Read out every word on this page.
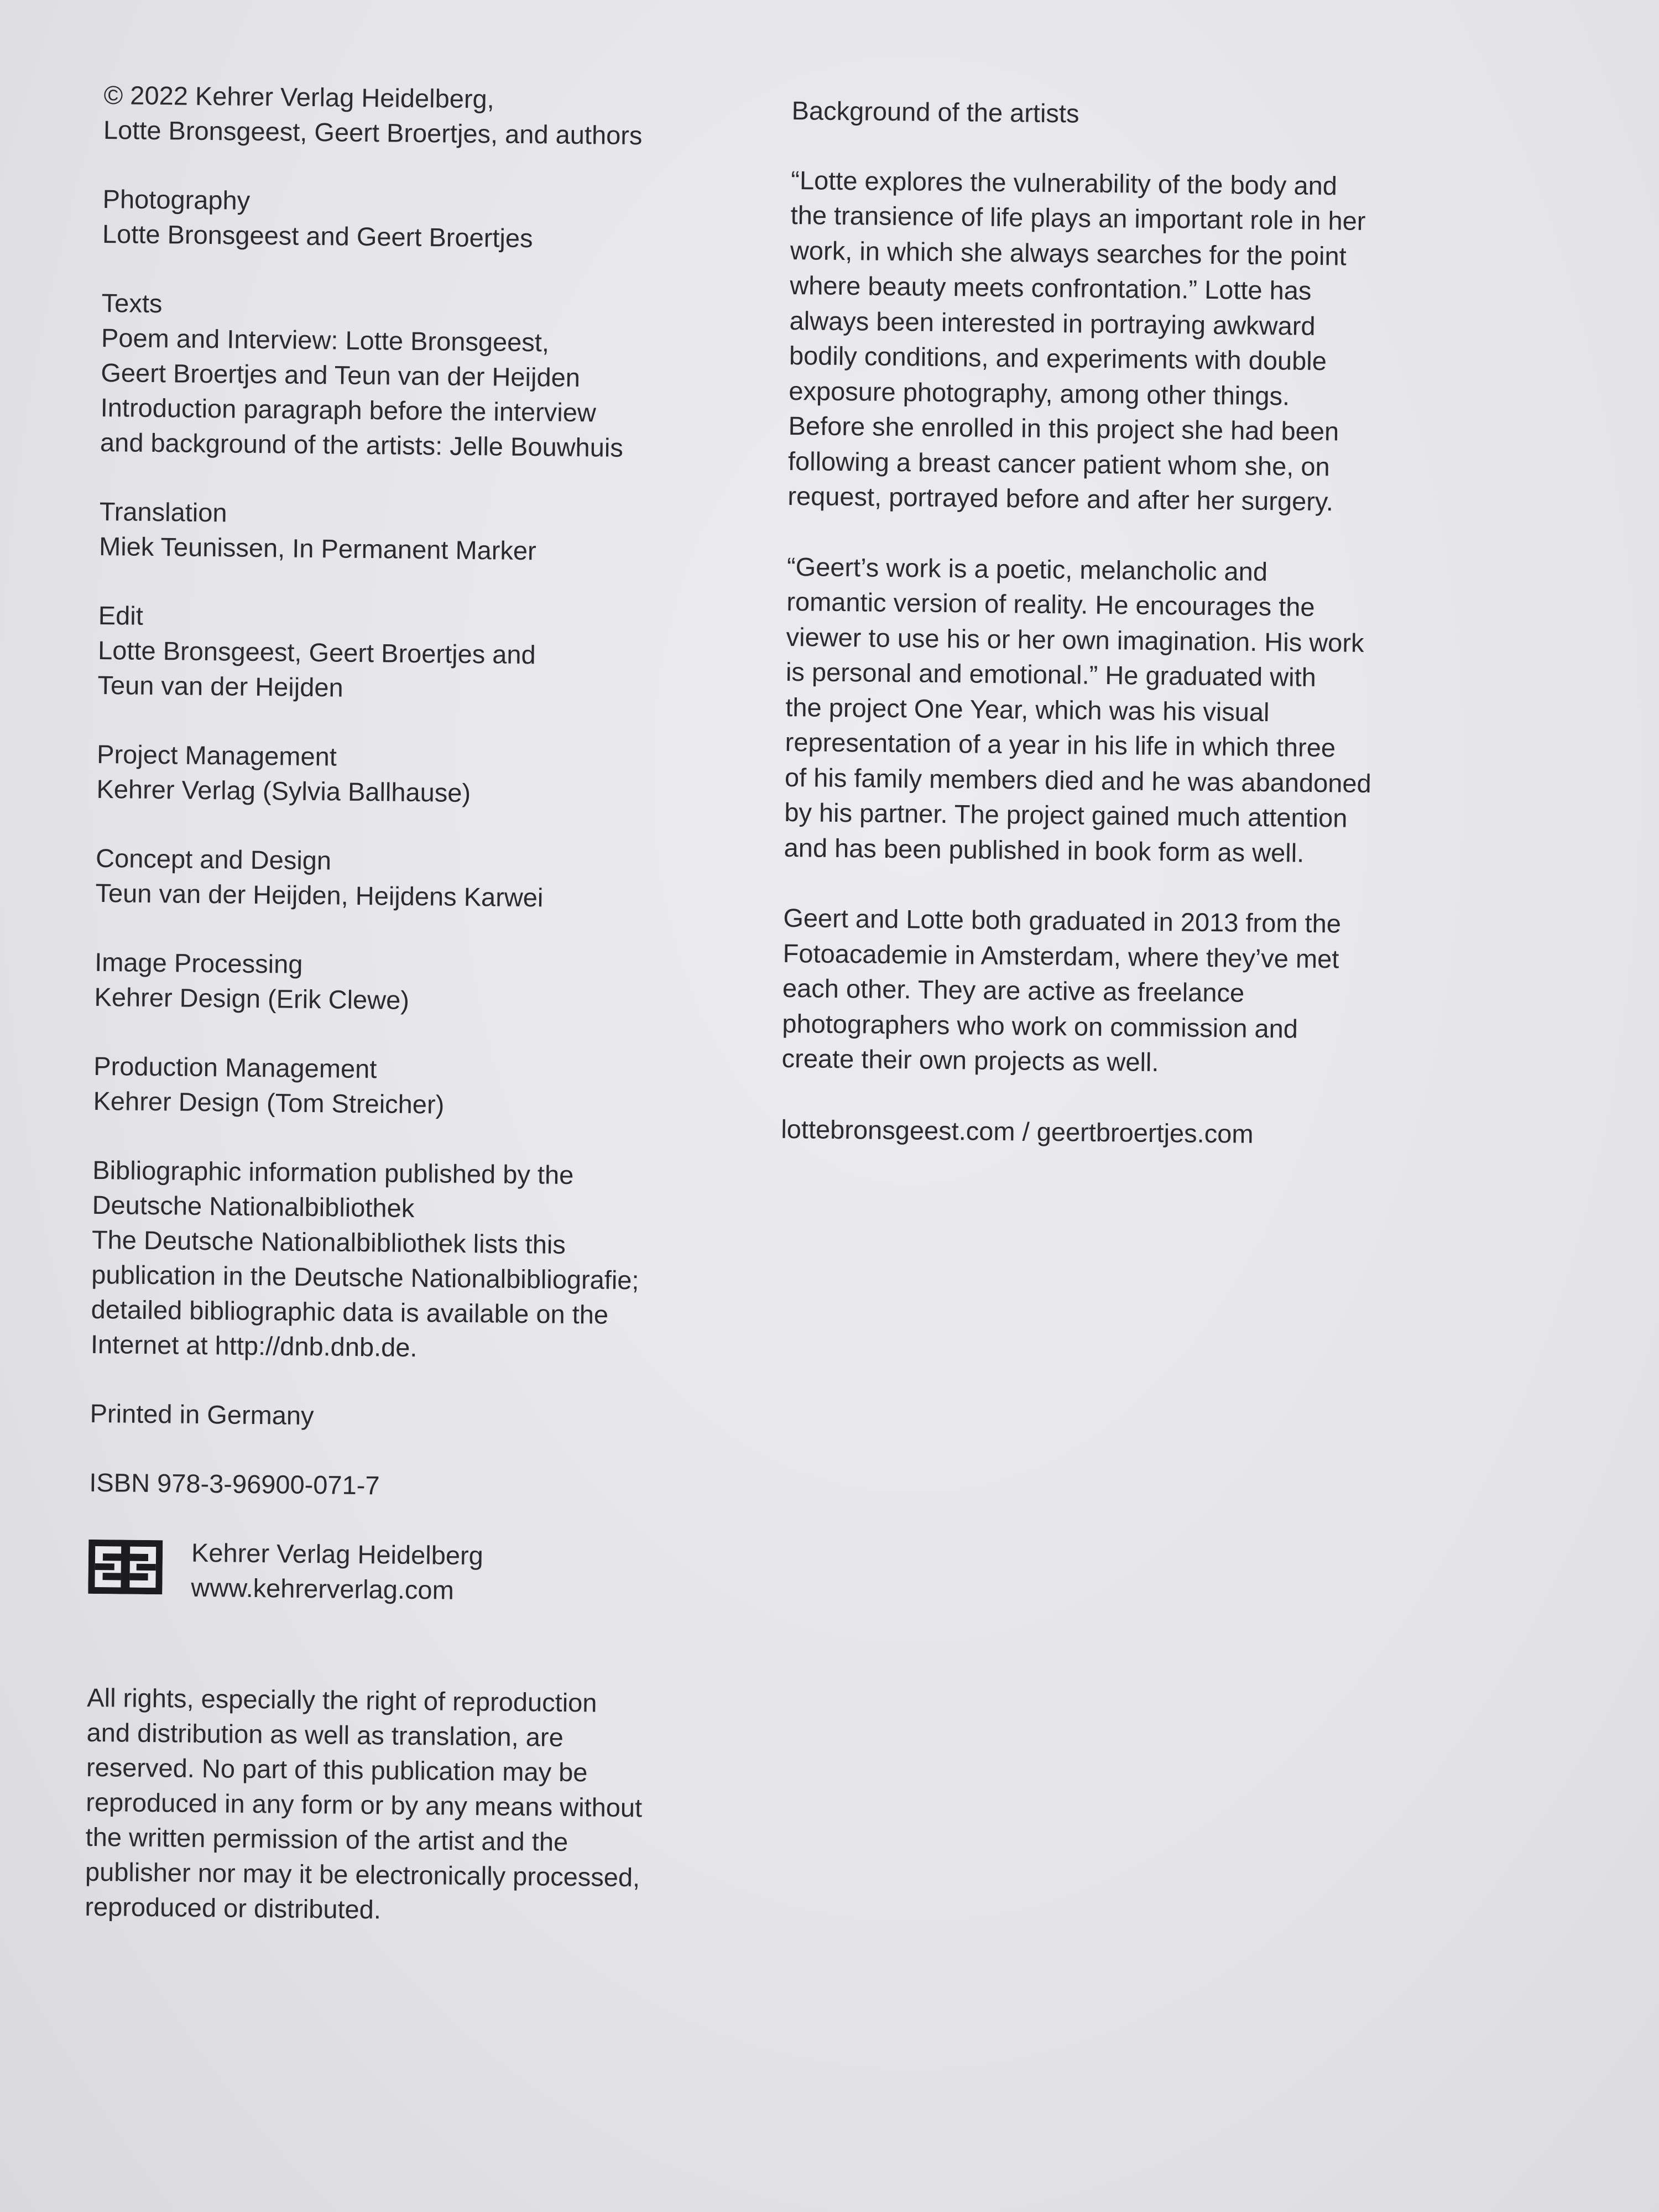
© 2022 Kehrer Verlag Heidelberg,
Lotte Bronsgeest, Geert Broertjes, and authors
Photography
Lotte Bronsgeest and Geert Broertjes
Texts
Poem and Interview: Lotte Bronsgeest,
Geert Broertjes and Teun van der Heijden
Introduction paragraph before the interview
and background of the artists: Jelle Bouwhuis
Translation
Miek Teunissen, In Permanent Marker
Edit
Lotte Bronsgeest, Geert Broertjes and
Teun van der Heijden
Project Management
Kehrer Verlag (Sylvia Ballhause)
Concept and Design
Teun van der Heijden, Heijdens Karwei
Image Processing
Kehrer Design (Erik Clewe)
Production Management
Kehrer Design (Tom Streicher)
Bibliographic information published by the
Deutsche Nationalbibliothek
The Deutsche Nationalbibliothek lists this
publication in the Deutsche Nationalbibliografie;
detailed bibliographic data is available on the
Internet at http://dnb.dnb.de.
Printed in Germany
ISBN 978-3-96900-071-7
Kehrer Verlag Heidelberg
www.kehrerverlag.com
All rights, especially the right of reproduction
and distribution as well as translation, are
reserved. No part of this publication may be
reproduced in any form or by any means without
the written permission of the artist and the
publisher nor may it be electronically processed,
reproduced or distributed.
Background of the artists
“Lotte explores the vulnerability of the body and
the transience of life plays an important role in her
work, in which she always searches for the point
where beauty meets confrontation.” Lotte has
always been interested in portraying awkward
bodily conditions, and experiments with double
exposure photography, among other things.
Before she enrolled in this project she had been
following a breast cancer patient whom she, on
request, portrayed before and after her surgery.
“Geert’s work is a poetic, melancholic and
romantic version of reality. He encourages the
viewer to use his or her own imagination. His work
is personal and emotional.” He graduated with
the project One Year, which was his visual
representation of a year in his life in which three
of his family members died and he was abandoned
by his partner. The project gained much attention
and has been published in book form as well.
Geert and Lotte both graduated in 2013 from the
Fotoacademie in Amsterdam, where they’ve met
each other. They are active as freelance
photographers who work on commission and
create their own projects as well.
lottebronsgeest.com / geertbroertjes.com
